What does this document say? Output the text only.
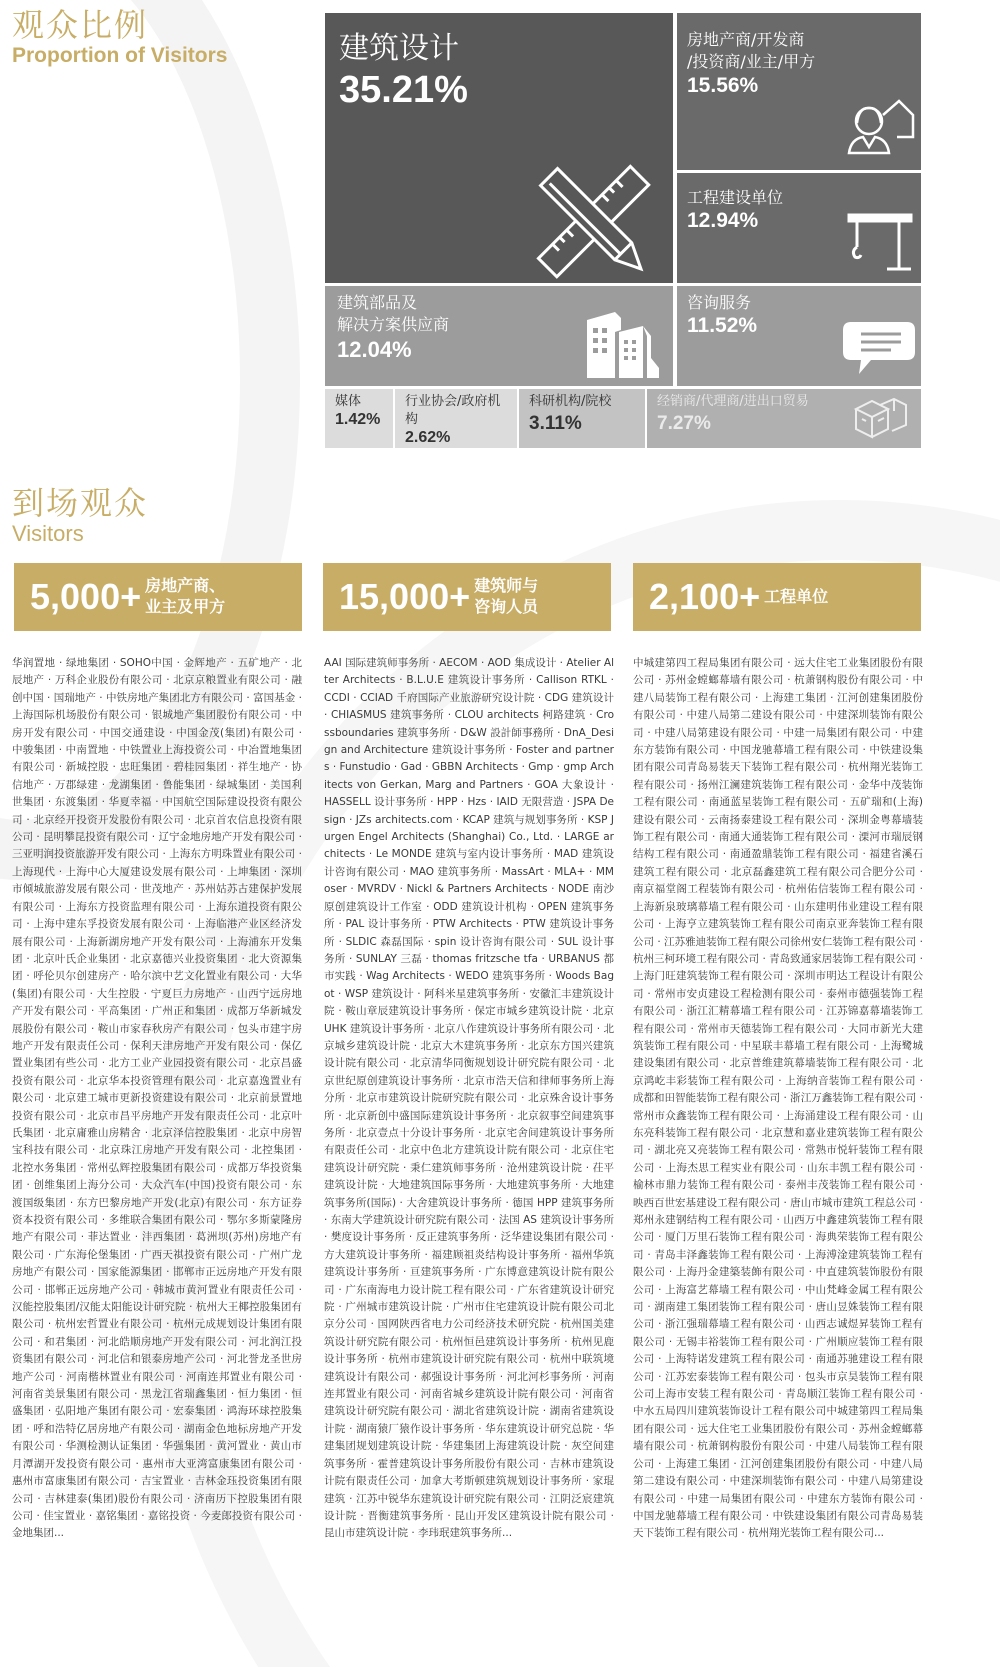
观众比例
Proportion of Visitors	建筑设计
35.21%
房地产商/开发商
/投资商/业主/甲方
15.56%
工程建设单位
12.94%
建筑部品及
解决方案供应商
12.04%
咨询服务
11.52%
媒体
1.42%
行业协会/政府机构
2.62%
科研机构/院校
3.11%
经销商/代理商/进出口贸易
7.27%
到场观众
Visitors
5,000 + 房地产商、
业主及甲方	15,000 + 建筑师与
咨询人员	2,100 + 工程单位
华润置地 · 绿地集团 · SOHO中国 · 金辉地产 · 五矿地产 · 北辰地产 · 万科企业股份有限公司 · 北京京粮置业有限公司 · 融创中国 · 国瑞地产 · 中铁房地产集团北方有限公司 · 富国基金 · 上海国际机场股份有限公司 · 银城地产集团股份有限公司 · 中房开发有限公司 · 中国交通建设 · 中国金茂(集团)有限公司 · 中骏集团 · 中南置地 · 中铁置业上海投资公司 · 中冶置地集团有限公司 · 新城控股 · 忠旺集团 · 碧桂园集团 · 祥生地产 · 协信地产 · 万郡绿建 · 龙湖集团 · 鲁能集团 · 绿城集团 · 美国利世集团 · 东渡集团 · 华夏幸福 · 中国航空国际建设投资有限公司 · 北京经开投资开发股份有限公司 · 北京首农信息投资有限公司 · 昆明攀昆投资有限公司 · 辽宁金地房地产开发有限公司 · 三亚明润投资旅游开发有限公司 · 上海东方明珠置业有限公司 · 上海现代 · 上海中心大厦建设发展有限公司 · 上坤集团 · 深圳市倾城旅游发展有限公司 · 世茂地产 · 苏州姑苏古建保护发展有限公司 · 上海东方投资监理有限公司 · 上海东道投资有限公司 · 上海中建东孚投资发展有限公司 · 上海临港产业区经济发展有限公司 · 上海新湖房地产开发有限公司 · 上海浦东开发集团 · 北京叶氏企业集团 · 北京嘉德兴业投资集团 · 北大资源集团 · 呼伦贝尔创建房产 · 哈尔滨中艺文化置业有限公司 · 大华(集团)有限公司 · 大生控股 · 宁夏巨力房地产 · 山西宁远房地产开发有限公司 · 平高集团 · 广州正和集团 · 成都万华新城发展股份有限公司 · 鞍山市家春秋房产有限公司 · 包头市建宇房地产开发有限责任公司 · 保利天津房地产开发有限公司 · 保亿置业集团有些公司 · 北方工业产业园投资有限公司 · 北京昌盛投资有限公司 · 北京华本投资管理有限公司 · 北京嘉逸置业有限公司 · 北京建工城市更新投资建设有限公司 · 北京前景置地投资有限公司 · 北京市昌平房地产开发有限责任公司 · 北京叶氏集团 · 北京庸雅山房精舍 · 北京泽信控股集团 · 北京中房智宝科技有限公司 · 北京珠江房地产开发有限公司 · 北控集团 · 北控水务集团 · 常州弘辉控股集团有限公司 · 成都万华投资集团 · 创维集团上海分公司 · 大众汽车(中国)投资有限公司 · 东渡国级集团 · 东方巴黎房地产开发(北京)有限公司 · 东方证券资本投资有限公司 · 多维联合集团有限公司 · 鄂尔多斯蒙隆房地产有限公司 · 菲达置业 · 沣西集团 · 葛洲坝(苏州)房地产有限公司 · 广东海伦堡集团 · 广西天祺投资有限公司 · 广州广龙房地产有限公司 · 国家能源集团 · 邯郸市正远房地产开发有限公司 · 邯郸正远房地产公司 · 韩城市黄河置业有限责任公司 · 汉能控股集团/汉能太阳能设计研究院 · 杭州大王椰控股集团有限公司 · 杭州宏哲置业有限公司 · 杭州元成规划设计集团有限公司 · 和君集团 · 河北皓顺房地产开发有限公司 · 河北润江投资集团有限公司 · 河北信和银泰房地产公司 · 河北誉龙圣世房地产公司 · 河南楷林置业有限公司 · 河南连邦置业有限公司 · 河南省美景集团有限公司 · 黑龙江省瑞鑫集团 · 恒力集团 · 恒盛集团 · 弘阳地产集团有限公司 · 宏泰集团 · 鸿海环球控股集团 · 呼和浩特亿居房地产有限公司 · 湖南金色地标房地产开发有限公司 · 华测检测认证集团 · 华强集团 · 黄河置业 · 黄山市月潭湖开发投资有限公司 · 惠州市大亚湾富康集团有限公司 · 惠州市富康集团有限公司 · 吉宝置业 · 吉林金珏投资集团有限公司 · 吉林建泰(集团)股份有限公司 · 济南历下控股集团有限公司 · 佳宝置业 · 嘉铭集团 · 嘉铭投资 · 今麦郎投资有限公司 · 金地集团...
AAI 国际建筑师事务所 · AECOM · AOD 集成设计 · Atelier Alter Architects · B.L.U.E 建筑设计事务所 · Callison RTKL · CCDI · CCIAD 千府国际产业旅游研究设计院 · CDG 建筑设计 · CHIASMUS 建筑事务所 · CLOU architects 柯路建筑 · Crossboundaries 建筑事务所 · D&W 設計師事務所 · DnA_Design and Architecture 建筑设计事务所 · Foster and partners · Funstudio · Gad · GBBN Architects · Gmp · gmp Architects von Gerkan, Marg and Partners · GOA 大象设计 · HASSELL 设计事务所 · HPP · Hzs · IAID 无限营造 · JSPA Design · JZs architects.com · KCAP 建筑与规划事务所 · KSP Jurgen Engel Architects (Shanghai) Co., Ltd. · LARGE architects · Le MONDE 建筑与室内设计事务所 · MAD 建筑设计咨询有限公司 · MAO 建筑事务所 · MassArt · MLA+ · MMoser · MVRDV · Nickl & Partners Architects · NODE 南沙原创建筑设计工作室 · ODD 建筑设计机构 · OPEN 建筑事务所 · PAL 设计事务所 · PTW Architects · PTW 建筑设计事务所 · SLDIC 森磊国际 · spin 设计咨询有限公司 · SUL 设计事务所 · SUNLAY 三磊 · thomas fritzsche tfa · URBANUS 都市实践 · Wag Architects · WEDO 建筑事务所 · Woods Bagot · WSP 建筑设计 · 阿科米星建筑事务所 · 安徽汇丰建筑设计院 · 鞍山章辰建筑设计事务所 · 保定市城乡建筑设计院 · 北京 UHK 建筑设计事务所 · 北京八作建筑设计事务所有限公司 · 北京城乡建筑设计院 · 北京大木建筑事务所 · 北京东方国兴建筑设计院有限公司 · 北京清华同衡规划设计研究院有限公司 · 北京世纪原创建筑设计事务所 · 北京市浩天信和律师事务所上海分所 · 北京市建筑设计院研究院有限公司 · 北京殊舍设计事务所 · 北京新创中盛国际建筑设计事务所 · 北京叙事空间建筑事务所 · 北京壹点十分设计事务所 · 北京宅舍间建筑设计事务所有限责任公司 · 北京中色北方建筑设计院有限公司 · 北京住宅建筑设计研究院 · 秉仁建筑师事务所 · 沧州建筑设计院 · 茌平建筑设计院 · 大地建筑国际事务所 · 大地建筑事务所 · 大地建筑事务所(国际) · 大舍建筑设计事务所 · 德国 HPP 建筑事务所 · 东南大学建筑设计研究院有限公司 · 法国 AS 建筑设计事务所 · 樊度设计事务所 · 反正建筑事务所 · 泛华建设集团有限公司 · 方大建筑设计事务所 · 福建顾祖炎结构设计事务所 · 福州华筑建筑设计事务所 · 亘建筑事务所 · 广东博意建筑设计院有限公司 · 广东南海电力设计院工程有限公司 · 广东省建筑设计研究院 · 广州城市建筑设计院 · 广州市住宅建筑设计院有限公司北京分公司 · 国网陕西省电力公司经济技术研究院 · 杭州国美建筑设计研究院有限公司 · 杭州恒邑建筑设计事务所 · 杭州见鹿设计事务所 · 杭州市建筑设计研究院有限公司 · 杭州中联筑境建筑设计有限公司 · 郝强设计事务所 · 河北河杉事务所 · 河南连邦置业有限公司 · 河南省城乡建筑设计院有限公司 · 河南省建筑设计研究院有限公司 · 湖北省建筑设计院 · 湖南省建筑设计院 · 湖南猿厂猿作设计事务所 · 华东建筑设计研究总院 · 华建集团规划建筑设计院 · 华建集团上海建筑设计院 · 灰空间建筑事务所 · 霍普建筑设计事务所股份有限公司 · 吉林市建筑设计院有限责任公司 · 加拿大考斯顿建筑规划设计事务所 · 家琨建筑 · 江苏中锐华东建筑设计研究院有限公司 · 江阴泛宸建筑设计院 · 晋衡建筑事务所 · 昆山开发区建筑设计院有限公司 · 昆山市建筑设计院 · 李玮珉建筑事务所...
中城建第四工程局集团有限公司 · 远大住宅工业集团股份有限公司 · 苏州金螳螂幕墙有限公司 · 杭萧钢构股份有限公司 · 中建八局装饰工程有限公司 · 上海建工集团 · 江河创建集团股份有限公司 · 中建八局第二建设有限公司 · 中建深圳装饰有限公司 · 中建八局第建设有限公司 · 中建一局集团有限公司 · 中建东方装饰有限公司 · 中国龙驰幕墙工程有限公司 · 中铁建设集团有限公司青岛易装天下装饰工程有限公司 · 杭州翔光装饰工程有限公司 · 扬州江澜建筑装饰工程有限公司 · 金华中茂装饰工程有限公司 · 南通蓝星装饰工程有限公司 · 五矿瑞和(上海)建设有限公司 · 云南扬泰建设工程有限公司 · 深圳金粤幕墙装饰工程有限公司 · 南通大通装饰工程有限公司 · 溧河市瑞辰钢结构工程有限公司 · 南通盈鼎装饰工程有限公司 · 福建省溪石建筑工程有限公司 · 北京磊鑫建筑工程有限公司合肥分公司 · 南京福堂阁工程装饰有限公司 · 杭州佑信装饰工程有限公司 · 上海新泉玻璃幕墙工程有限公司 · 山东建明伟业建设工程有限公司 · 上海亨立建筑装饰工程有限公司南京亚奔装饰工程有限公司 · 江苏雅迪装饰工程有限公司徐州安仁装饰工程有限公司 · 杭州三柯环境工程有限公司 · 青岛致通家居装饰工程有限公司 · 上海门旺建筑装饰工程有限公司 · 深圳市明达工程设计有限公司 · 常州市安贞建设工程检测有限公司 · 泰州市德强装饰工程有限公司 · 浙江汇精幕墙工程有限公司 · 江苏锦嘉幕墙装饰工程有限公司 · 常州市天德装饰工程有限公司 · 大同市新光大建筑装饰工程有限公司 · 中星联丰幕墙工程有限公司 · 上海鹭城建设集团有限公司 · 北京普维建筑幕墙装饰工程有限公司 · 北京鸿屹丰彩装饰工程有限公司 · 上海纳音装饰工程有限公司 · 成都和田智能装饰工程有限公司 · 浙江万鑫装饰工程有限公司 · 常州市众鑫装饰工程有限公司 · 上海涌建设工程有限公司 · 山东亮科装饰工程有限公司 · 北京慧和嘉业建筑装饰工程有限公司 · 湖北亮又亮装饰工程有限公司 · 常熟市悦轩装饰工程有限公司 · 上海杰思工程实业有限公司 · 山东丰凯工程有限公司 · 榆林市鼎力装饰工程有限公司 · 泰州丰茂装饰工程有限公司 · 映西百世宏基建设工程有限公司 · 唐山市城市建筑工程总公司 · 郑州永建钢结构工程有限公司 · 山西万中鑫建筑装饰工程有限公司 · 厦门万里石装饰工程有限公司 · 海典荣装饰工程有限公司 · 青岛丰泽鑫装饰工程有限公司 · 上海溥淦建筑装饰工程有限公司 · 上海丹金建築装飾有限公司 · 中直建筑装饰股份有限公司 · 上海富艺幕墙工程有限公司 · 中山梵峰金属工程有限公司 · 湖南建工集团装饰工程有限公司 · 唐山昱姝装饰工程有限公司 · 浙江强瑞幕墙工程有限公司 · 山西志诚煜昇装饰工程有限公司 · 无锡丰裕装饰工程有限公司 · 广州顺应装饰工程有限公司 · 上海特诺发建筑工程有限公司 · 南通苏驰建设工程有限公司 · 江苏宏泰装饰工程有限公司 · 包头市京昊装饰工程有限公司上海市安装工程有限公司 · 青岛顺江装饰工程有限公司 · 中水五局四川建筑装饰设计工程有限公司中城建第四工程局集团有限公司 · 远大住宅工业集团股份有限公司 · 苏州金螳螂幕墙有限公司 · 杭萧钢构股份有限公司 · 中建八局装饰工程有限公司 · 上海建工集团 · 江河创建集团股份有限公司 · 中建八局第二建设有限公司 · 中建深圳装饰有限公司 · 中建八局第建设有限公司 · 中建一局集团有限公司 · 中建东方装饰有限公司 · 中国龙驰幕墙工程有限公司 · 中铁建设集团有限公司青岛易装天下装饰工程有限公司 · 杭州翔光装饰工程有限公司...
